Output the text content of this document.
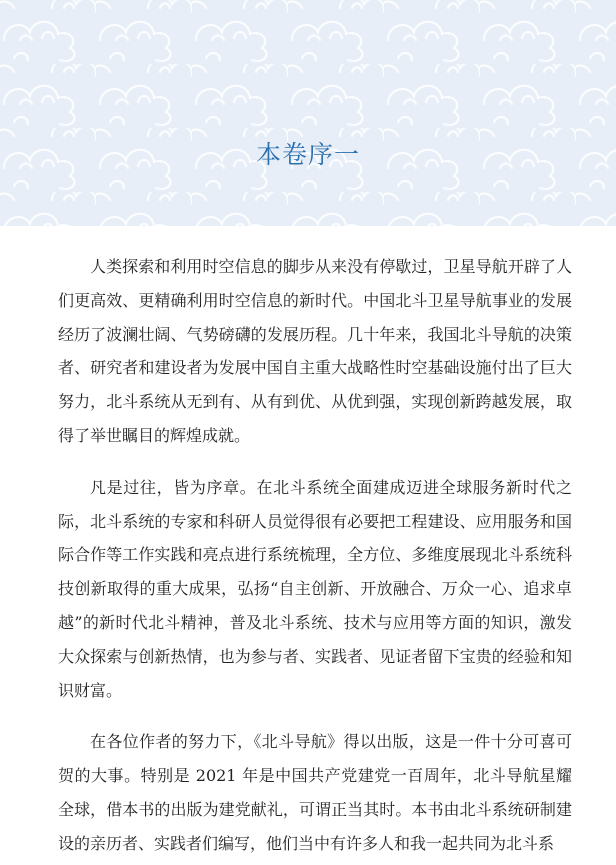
本卷序一

人类探索和利用时空信息的脚步从来没有停歇过，卫星导航开辟了人们更高效、更精确利用时空信息的新时代。中国北斗卫星导航事业的发展经历了波澜壮阔、气势磅礴的发展历程。几十年来，我国北斗导航的决策者、研究者和建设者为发展中国自主重大战略性时空基础设施付出了巨大努力，北斗系统从无到有、从有到优、从优到强，实现创新跨越发展，取得了举世瞩目的辉煌成就。

凡是过往，皆为序章。在北斗系统全面建成迈进全球服务新时代之际，北斗系统的专家和科研人员觉得很有必要把工程建设、应用服务和国际合作等工作实践和亮点进行系统梳理，全方位、多维度展现北斗系统科技创新取得的重大成果，弘扬“自主创新、开放融合、万众一心、追求卓越”的新时代北斗精神，普及北斗系统、技术与应用等方面的知识，激发大众探索与创新热情，也为参与者、实践者、见证者留下宝贵的经验和知识财富。

在各位作者的努力下，《北斗导航》得以出版，这是一件十分可喜可贺的大事。特别是 2021 年是中国共产党建党一百周年，北斗导航星耀全球，借本书的出版为建党献礼，可谓正当其时。本书由北斗系统研制建设的亲历者、实践者们编写，他们当中有许多人和我一起共同为北斗系
